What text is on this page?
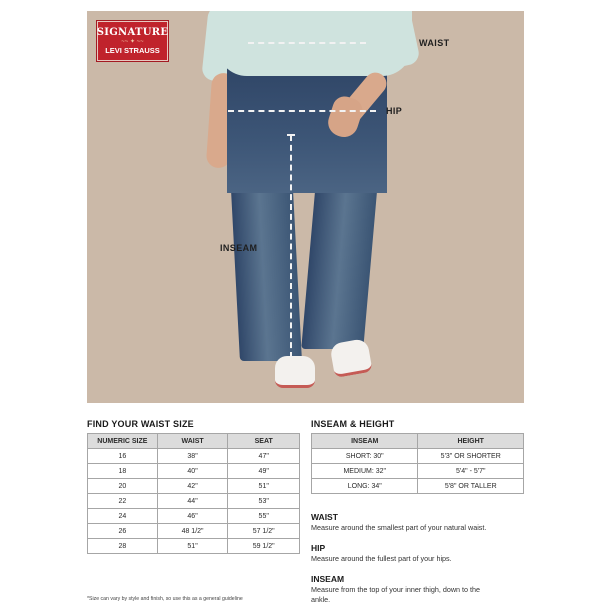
WAIST
HIP
INSEAM
SIGNATURE
~~ ✦ ~~
LEVI STRAUSS
FIND YOUR WAIST SIZE
NUMERIC SIZE	WAIST	SEAT
16	38"	47"
18	40"	49"
20	42"	51"
22	44"	53"
24	46"	55"
26	48 1/2"	57 1/2"
28	51"	59 1/2"
INSEAM & HEIGHT
INSEAM	HEIGHT
SHORT: 30"	5'3" OR SHORTER
MEDIUM: 32"	5'4" - 5'7"
LONG: 34"	5'8" OR TALLER
WAIST
Measure around the smallest part of your natural waist.
HIP
Measure around the fullest part of your hips.
INSEAM
Measure from the top of your inner thigh, down to the ankle.
*Size can vary by style and finish, so use this as a general guideline
